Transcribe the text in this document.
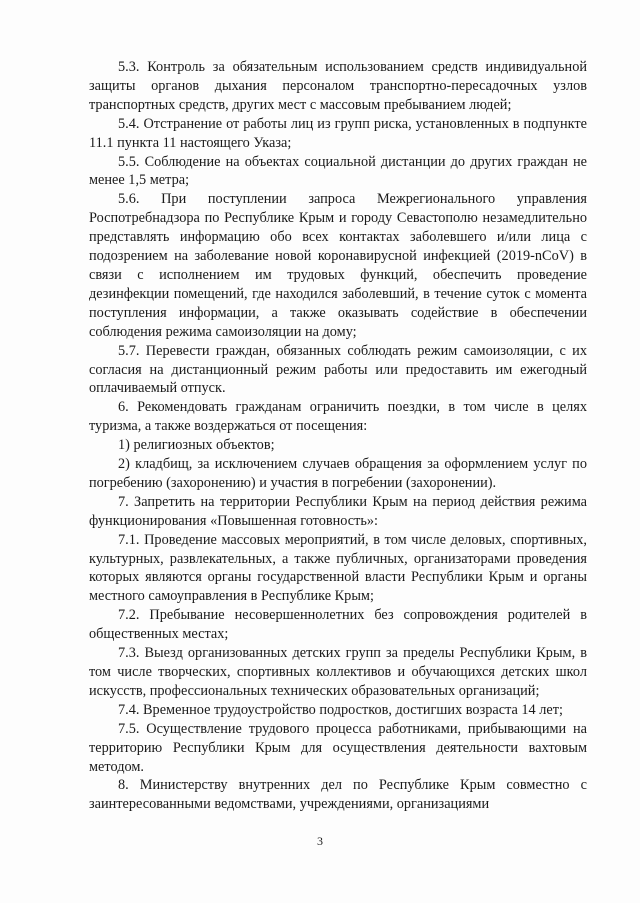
5.3. Контроль за обязательным использованием средств индивидуальной защиты органов дыхания персоналом транспортно-пересадочных узлов транспортных средств, других мест с массовым пребыванием людей;

5.4. Отстранение от работы лиц из групп риска, установленных в подпункте 11.1 пункта 11 настоящего Указа;

5.5. Соблюдение на объектах социальной дистанции до других граждан не менее 1,5 метра;

5.6. При поступлении запроса Межрегионального управления Роспотребнадзора по Республике Крым и городу Севастополю незамедлительно представлять информацию обо всех контактах заболевшего и/или лица с подозрением на заболевание новой коронавирусной инфекцией (2019-nCoV) в связи с исполнением им трудовых функций, обеспечить проведение дезинфекции помещений, где находился заболевший, в течение суток с момента поступления информации, а также оказывать содействие в обеспечении соблюдения режима самоизоляции на дому;

5.7. Перевести граждан, обязанных соблюдать режим самоизоляции, с их согласия на дистанционный режим работы или предоставить им ежегодный оплачиваемый отпуск.

6. Рекомендовать гражданам ограничить поездки, в том числе в целях туризма, а также воздержаться от посещения:

1) религиозных объектов;

2) кладбищ, за исключением случаев обращения за оформлением услуг по погребению (захоронению) и участия в погребении (захоронении).

7. Запретить на территории Республики Крым на период действия режима функционирования «Повышенная готовность»:

7.1. Проведение массовых мероприятий, в том числе деловых, спортивных, культурных, развлекательных, а также публичных, организаторами проведения которых являются органы государственной власти Республики Крым и органы местного самоуправления в Республике Крым;

7.2. Пребывание несовершеннолетних без сопровождения родителей в общественных местах;

7.3. Выезд организованных детских групп за пределы Республики Крым, в том числе творческих, спортивных коллективов и обучающихся детских школ искусств, профессиональных технических образовательных организаций;

7.4. Временное трудоустройство подростков, достигших возраста 14 лет;

7.5. Осуществление трудового процесса работниками, прибывающими на территорию Республики Крым для осуществления деятельности вахтовым методом.

8. Министерству внутренних дел по Республике Крым совместно с заинтересованными ведомствами, учреждениями, организациями

3
